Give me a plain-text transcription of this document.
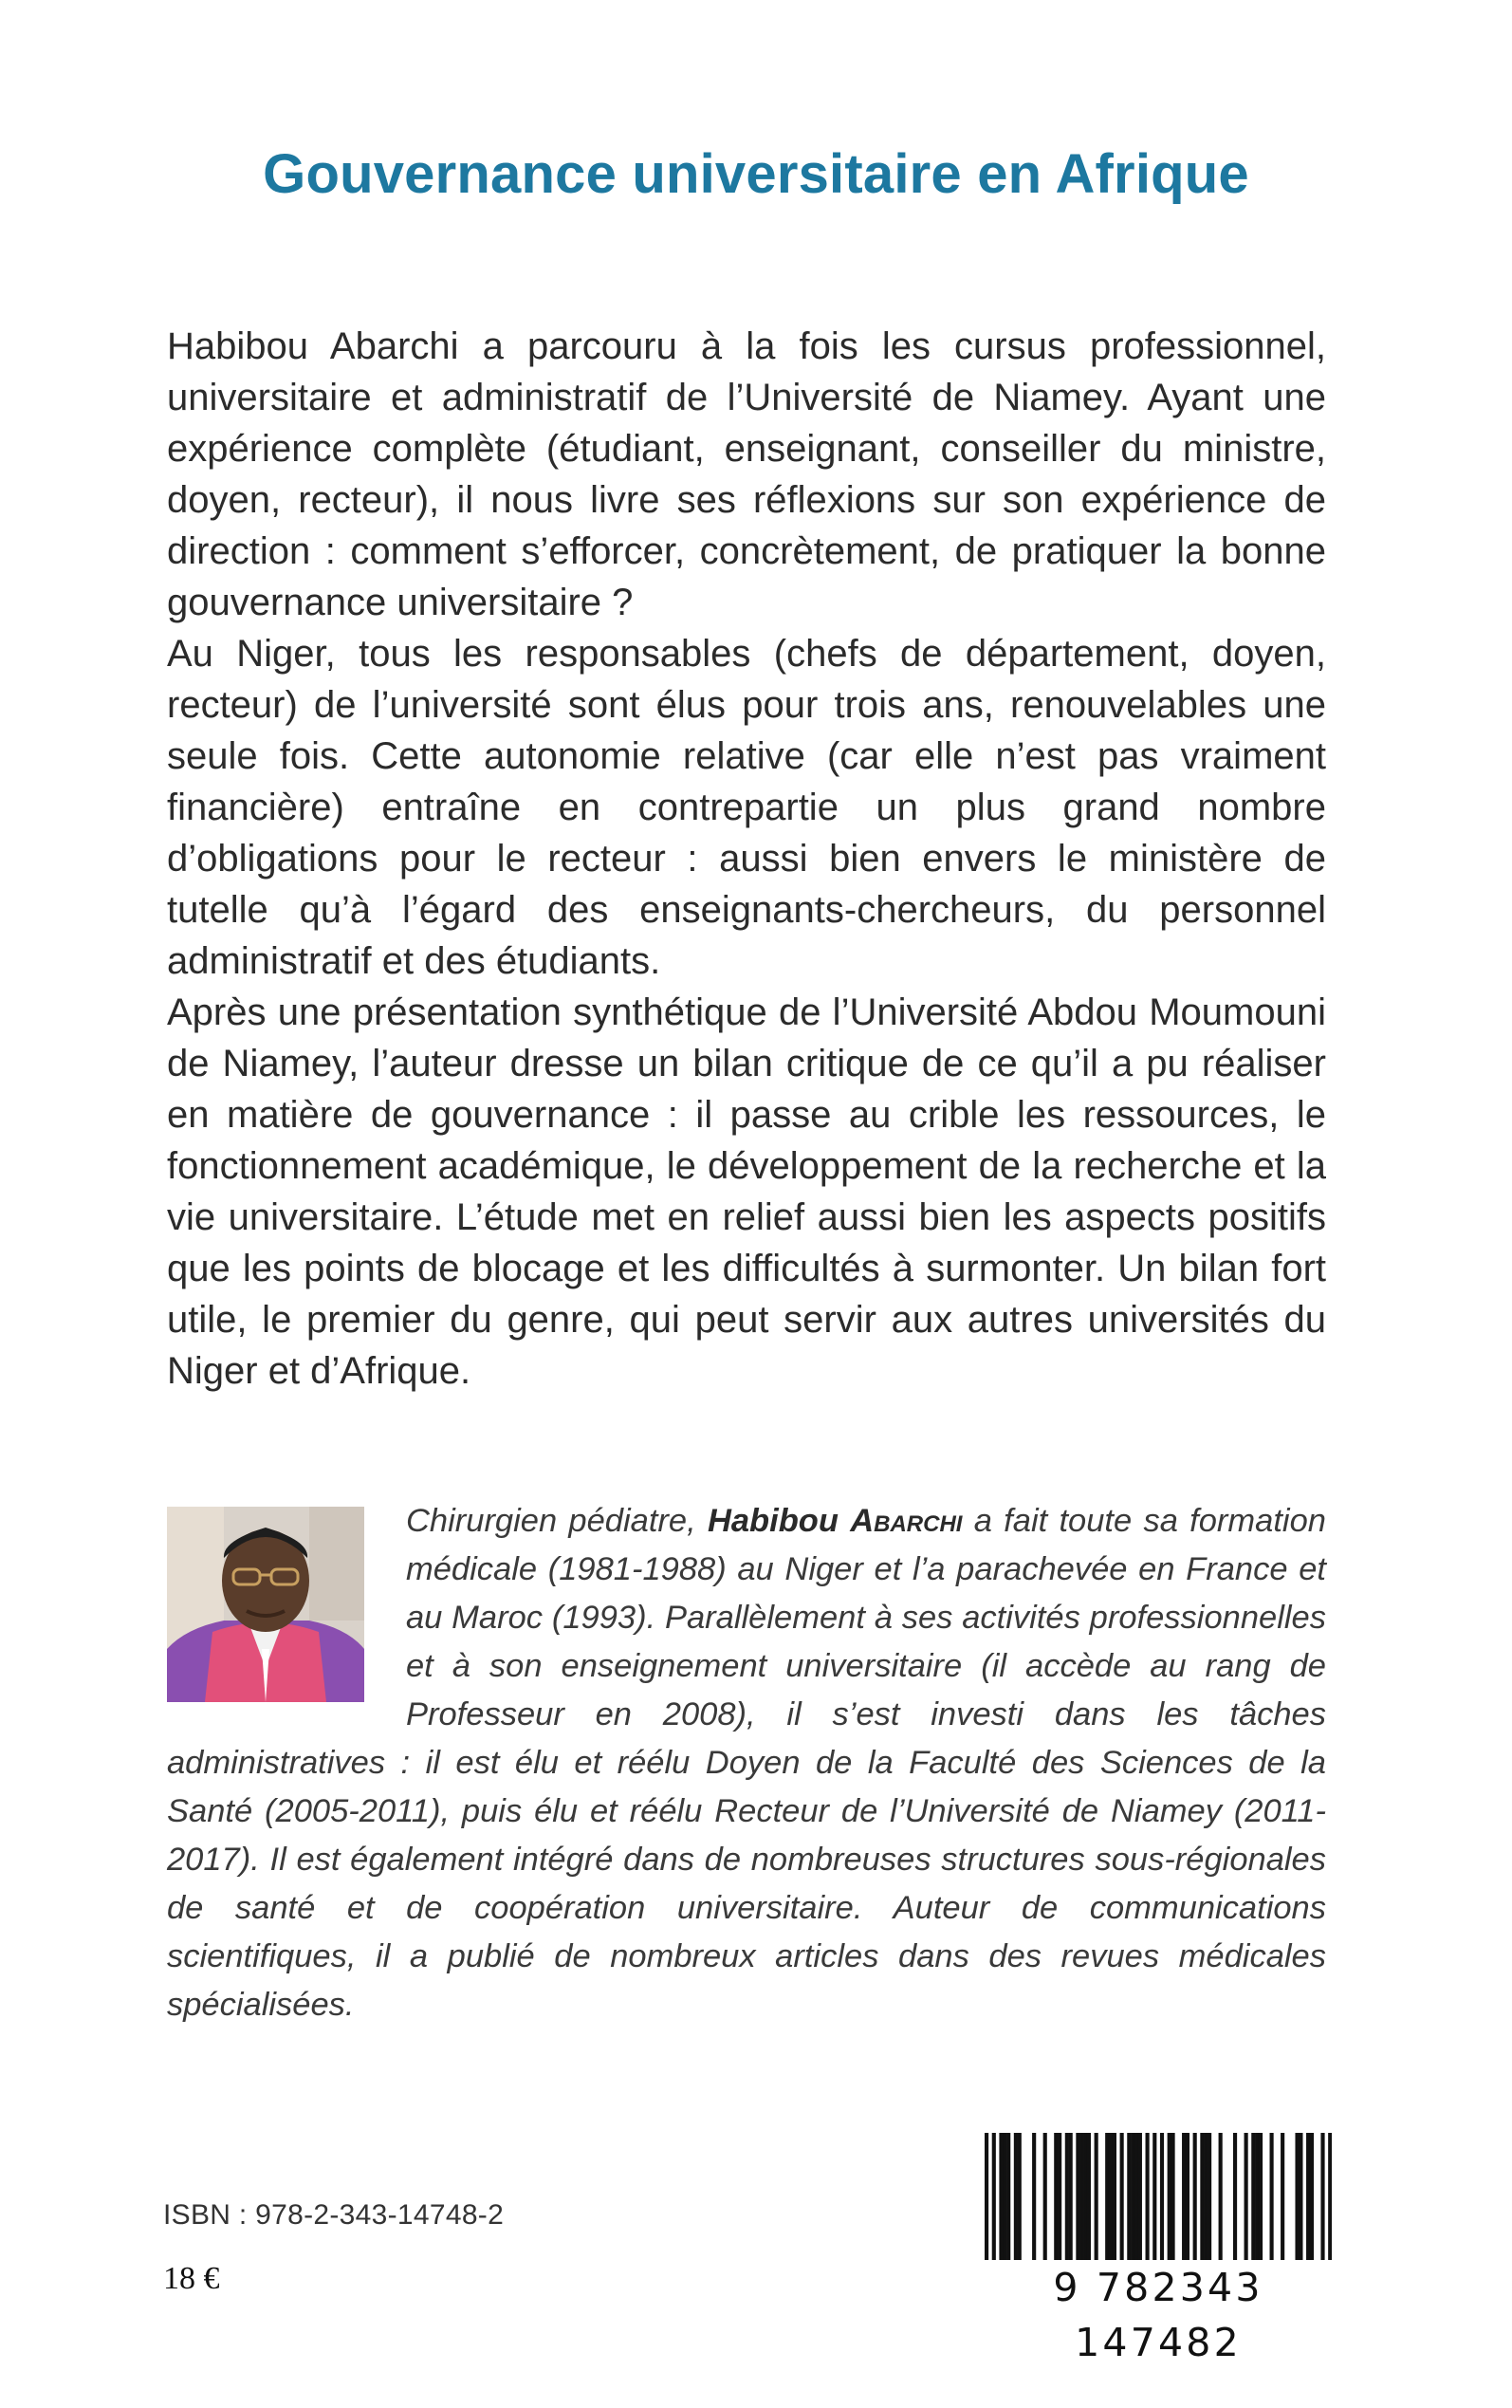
Gouvernance universitaire en Afrique

Habibou Abarchi a parcouru à la fois les cursus professionnel, universitaire et administratif de l’Université de Niamey. Ayant une expérience complète (étudiant, enseignant, conseiller du ministre, doyen, recteur), il nous livre ses réflexions sur son expérience de direction : comment s’efforcer, concrètement, de pratiquer la bonne gouvernance universitaire ?

Au Niger, tous les responsables (chefs de département, doyen, recteur) de l’université sont élus pour trois ans, renouvelables une seule fois. Cette autonomie relative (car elle n’est pas vraiment financière) entraîne en contrepartie un plus grand nombre d’obligations pour le recteur : aussi bien envers le ministère de tutelle qu’à l’égard des enseignants-chercheurs, du personnel administratif et des étudiants.

Après une présentation synthétique de l’Université Abdou Moumouni de Niamey, l’auteur dresse un bilan critique de ce qu’il a pu réaliser en matière de gouvernance : il passe au crible les ressources, le fonctionnement académique, le développement de la recherche et la vie universitaire. L’étude met en relief aussi bien les aspects positifs que les points de blocage et les difficultés à surmonter. Un bilan fort utile, le premier du genre, qui peut servir aux autres universités du Niger et d’Afrique.

Chirurgien pédiatre, Habibou Abarchi a fait toute sa formation médicale (1981-1988) au Niger et l’a parachevée en France et au Maroc (1993). Parallèlement à ses activités professionnelles et à son enseignement universitaire (il accède au rang de Professeur en 2008), il s’est investi dans les tâches administratives : il est élu et réélu Doyen de la Faculté des Sciences de la Santé (2005-2011), puis élu et réélu Recteur de l’Université de Niamey (2011-2017). Il est également intégré dans de nombreuses structures sous-régionales de santé et de coopération universitaire. Auteur de communications scientifiques, il a publié de nombreux articles dans des revues médicales spécialisées.

ISBN : 978-2-343-14748-2
18 €	9 782343 147482
